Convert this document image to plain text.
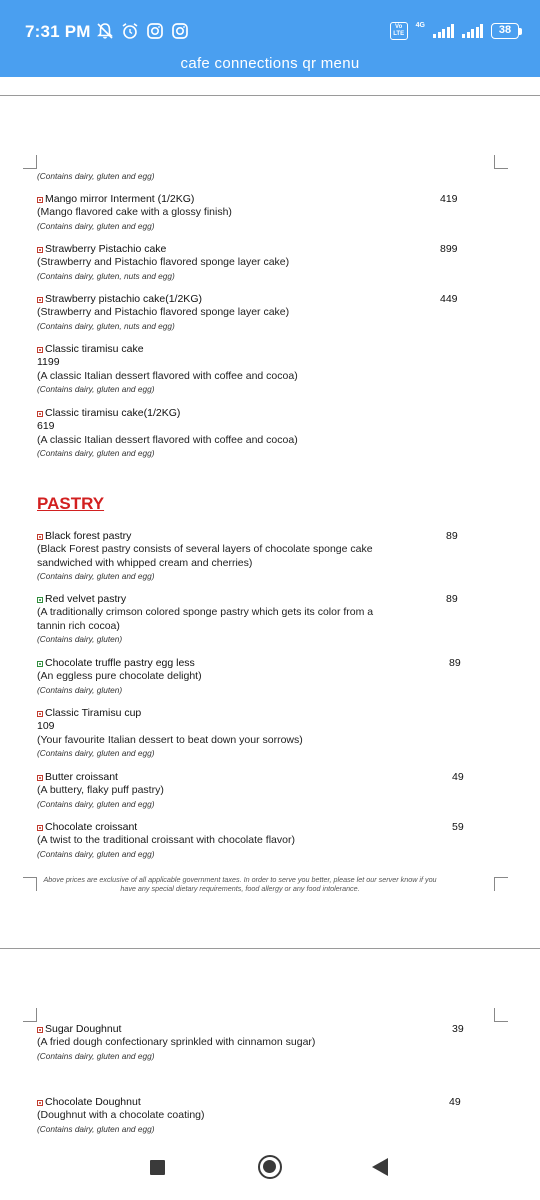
7:31 PM	Vo LTE
4G	38
cafe connections qr menu
(Contains dairy, gluten and egg)
Mango mirror Interment (1/2KG)	419
(Mango flavored cake with a glossy finish)
(Contains dairy, gluten and egg)
Strawberry Pistachio cake	899
(Strawberry and Pistachio flavored sponge layer cake)
(Contains dairy, gluten, nuts and egg)
Strawberry pistachio cake(1/2KG)	449
(Strawberry and Pistachio flavored sponge layer cake)
(Contains dairy, gluten, nuts and egg)
Classic tiramisu cake
1199
(A classic Italian dessert flavored with coffee and cocoa)
(Contains dairy, gluten and egg)
Classic tiramisu cake(1/2KG)
619
(A classic Italian dessert flavored with coffee and cocoa)
(Contains dairy, gluten and egg)
PASTRY
Black forest pastry	89
(Black Forest pastry consists of several layers of chocolate sponge cake sandwiched with whipped cream and cherries)
(Contains dairy, gluten and egg)
Red velvet pastry	89
(A traditionally crimson colored sponge pastry which gets its color from a tannin rich cocoa)
(Contains dairy, gluten)
Chocolate truffle pastry egg less	89
(An eggless pure chocolate delight)
(Contains dairy, gluten)
Classic Tiramisu cup
109
(Your favourite Italian dessert to beat down your sorrows)
(Contains dairy, gluten and egg)
Butter croissant	49
(A buttery, flaky puff pastry)
(Contains dairy, gluten and egg)
Chocolate croissant	59
(A twist to the traditional croissant with chocolate flavor)
(Contains dairy, gluten and egg)
Above prices are exclusive of all applicable government taxes. In order to serve you better, please let our server know if you have any special dietary requirements, food allergy or any food intolerance.
Sugar Doughnut	39
(A fried dough confectionary sprinkled with cinnamon sugar)
(Contains dairy, gluten and egg)
Chocolate Doughnut	49
(Doughnut with a chocolate coating)
(Contains dairy, gluten and egg)
